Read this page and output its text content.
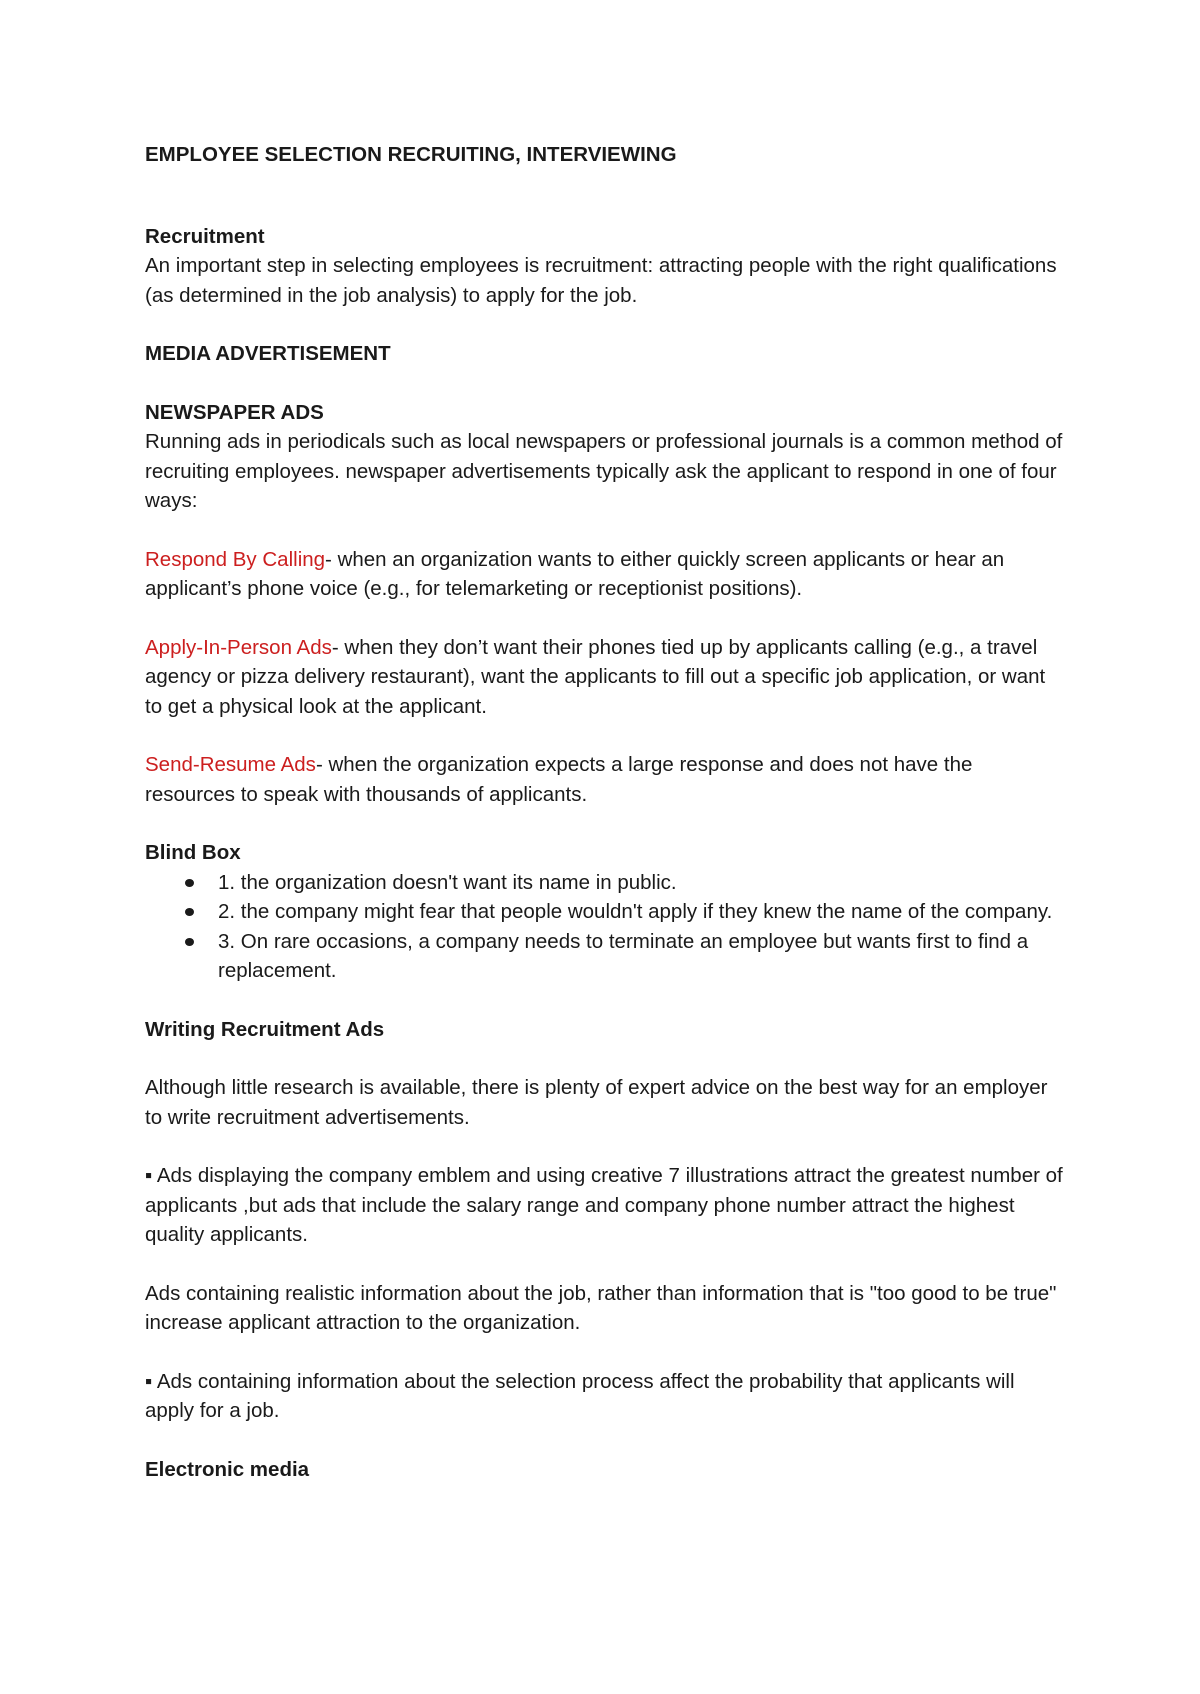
EMPLOYEE SELECTION RECRUITING, INTERVIEWING

Recruitment

An important step in selecting employees is recruitment: attracting people with the right qualifications (as determined in the job analysis) to apply for the job.

MEDIA ADVERTISEMENT

NEWSPAPER ADS

Running ads in periodicals such as local newspapers or professional journals is a common method of recruiting employees. newspaper advertisements typically ask the applicant to respond in one of four ways:

Respond By Calling- when an organization wants to either quickly screen applicants or hear an applicant’s phone voice (e.g., for telemarketing or receptionist positions).

Apply-In-Person Ads- when they don’t want their phones tied up by applicants calling (e.g., a travel agency or pizza delivery restaurant), want the applicants to fill out a specific job application, or want to get a physical look at the applicant.

Send-Resume Ads- when the organization expects a large response and does not have the resources to speak with thousands of applicants.

Blind Box

1. the organization doesn't want its name in public.
2. the company might fear that people wouldn't apply if they knew the name of the company.
3. On rare occasions, a company needs to terminate an employee but wants first to find a replacement.

Writing Recruitment Ads

Although little research is available, there is plenty of expert advice on the best way for an employer to write recruitment advertisements.

▪ Ads displaying the company emblem and using creative 7 illustrations attract the greatest number of applicants ,but ads that include the salary range and company phone number attract the highest quality applicants.

Ads containing realistic information about the job, rather than information that is "too good to be true" increase applicant attraction to the organization.

▪ Ads containing information about the selection process affect the probability that applicants will apply for a job.

Electronic media
